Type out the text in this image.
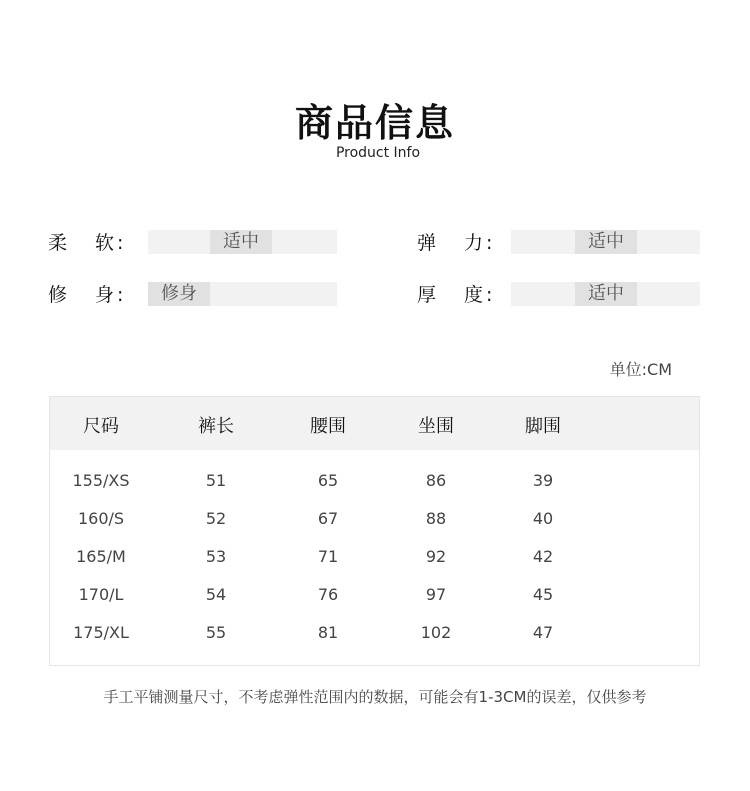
商品信息
Product Info
柔 软 :	适中	弹 力 :	适中
修 身 :	修身	厚 度 :	适中
单位:CM
尺码	裤长	腰围	坐围	脚围
155/XS	51	65	86	39
160/S	52	67	88	40
165/M	53	71	92	42
170/L	54	76	97	45
175/XL	55	81	102	47
手工平铺测量尺寸，不考虑弹性范围内的数据，可能会有1-3CM的误差，仅供参考
